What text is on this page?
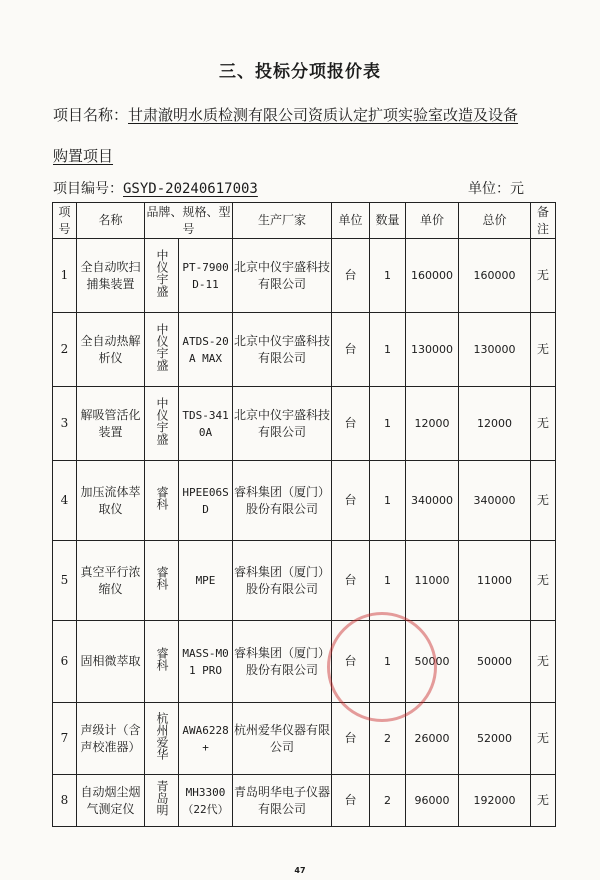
三、投标分项报价表
项目名称：甘肃澈明水质检测有限公司资质认定扩项实验室改造及设备
购置项目
项目编号：GSYD-20240617003	单位：元
项号	名称	品牌、规格、型号		生产厂家	单位	数量	单价	总价	备注
1	全自动吹扫捕集装置	中仪宇盛	PT-7900D-11	北京中仪宇盛科技有限公司	台	1	160000	160000	无
2	全自动热解析仪	中仪宇盛	ATDS-20A MAX	北京中仪宇盛科技有限公司	台	1	130000	130000	无
3	解吸管活化装置	中仪宇盛	TDS-3410A	北京中仪宇盛科技有限公司	台	1	12000	12000	无
4	加压流体萃取仪	睿科	HPEE06SD	睿科集团（厦门）股份有限公司	台	1	340000	340000	无
5	真空平行浓缩仪	睿科	MPE	睿科集团（厦门）股份有限公司	台	1	11000	11000	无
6	固相微萃取	睿科	MASS-M01 PRO	睿科集团（厦门）股份有限公司	台	1	50000	50000	无
7	声级计（含声校准器）	杭州爱华	AWA6228+	杭州爱华仪器有限公司	台	2	26000	52000	无
8	自动烟尘烟气测定仪	青岛明	MH3300（22代）	青岛明华电子仪器有限公司	台	2	96000	192000	无
47
